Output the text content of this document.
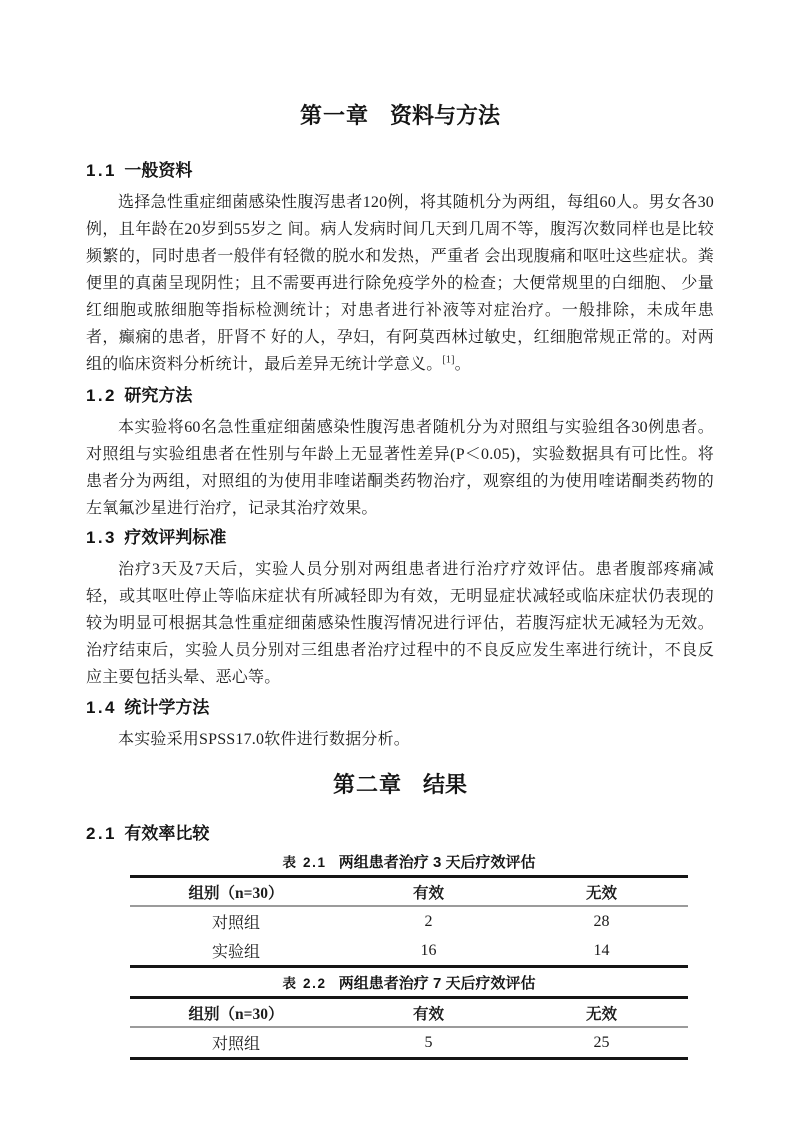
第一章 资料与方法
1.1 一般资料

选择急性重症细菌感染性腹泻患者120例，将其随机分为两组，每组60人。男女各30例，且年龄在20岁到55岁之 间。病人发病时间几天到几周不等，腹泻次数同样也是比较频繁的，同时患者一般伴有轻微的脱水和发热，严重者 会出现腹痛和呕吐这些症状。粪便里的真菌呈现阴性；且不需要再进行除免疫学外的检查；大便常规里的白细胞、 少量红细胞或脓细胞等指标检测统计；对患者进行补液等对症治疗。一般排除，未成年患者，癫痫的患者，肝肾不 好的人，孕妇，有阿莫西林过敏史，红细胞常规正常的。对两组的临床资料分析统计，最后差异无统计学意义。[1]。

1.2 研究方法

本实验将60名急性重症细菌感染性腹泻患者随机分为对照组与实验组各30例患者。对照组与实验组患者在性别与年龄上无显著性差异(P＜0.05)，实验数据具有可比性。将患者分为两组，对照组的为使用非喹诺酮类药物治疗，观察组的为使用喹诺酮类药物的左氧氟沙星进行治疗，记录其治疗效果。

1.3 疗效评判标准

治疗3天及7天后，实验人员分别对两组患者进行治疗疗效评估。患者腹部疼痛减轻，或其呕吐停止等临床症状有所减轻即为有效，无明显症状减轻或临床症状仍表现的较为明显可根据其急性重症细菌感染性腹泻情况进行评估，若腹泻症状无减轻为无效。治疗结束后，实验人员分别对三组患者治疗过程中的不良反应发生率进行统计，不良反应主要包括头晕、恶心等。

1.4 统计学方法

本实验采用SPSS17.0软件进行数据分析。

第二章 结果
2.1 有效率比较
表 2.1 两组患者治疗 3 天后疗效评估
组别（n=30）	有效	无效
对照组	2	28
实验组	16	14
表 2.2 两组患者治疗 7 天后疗效评估
组别（n=30）	有效	无效
对照组	5	25
